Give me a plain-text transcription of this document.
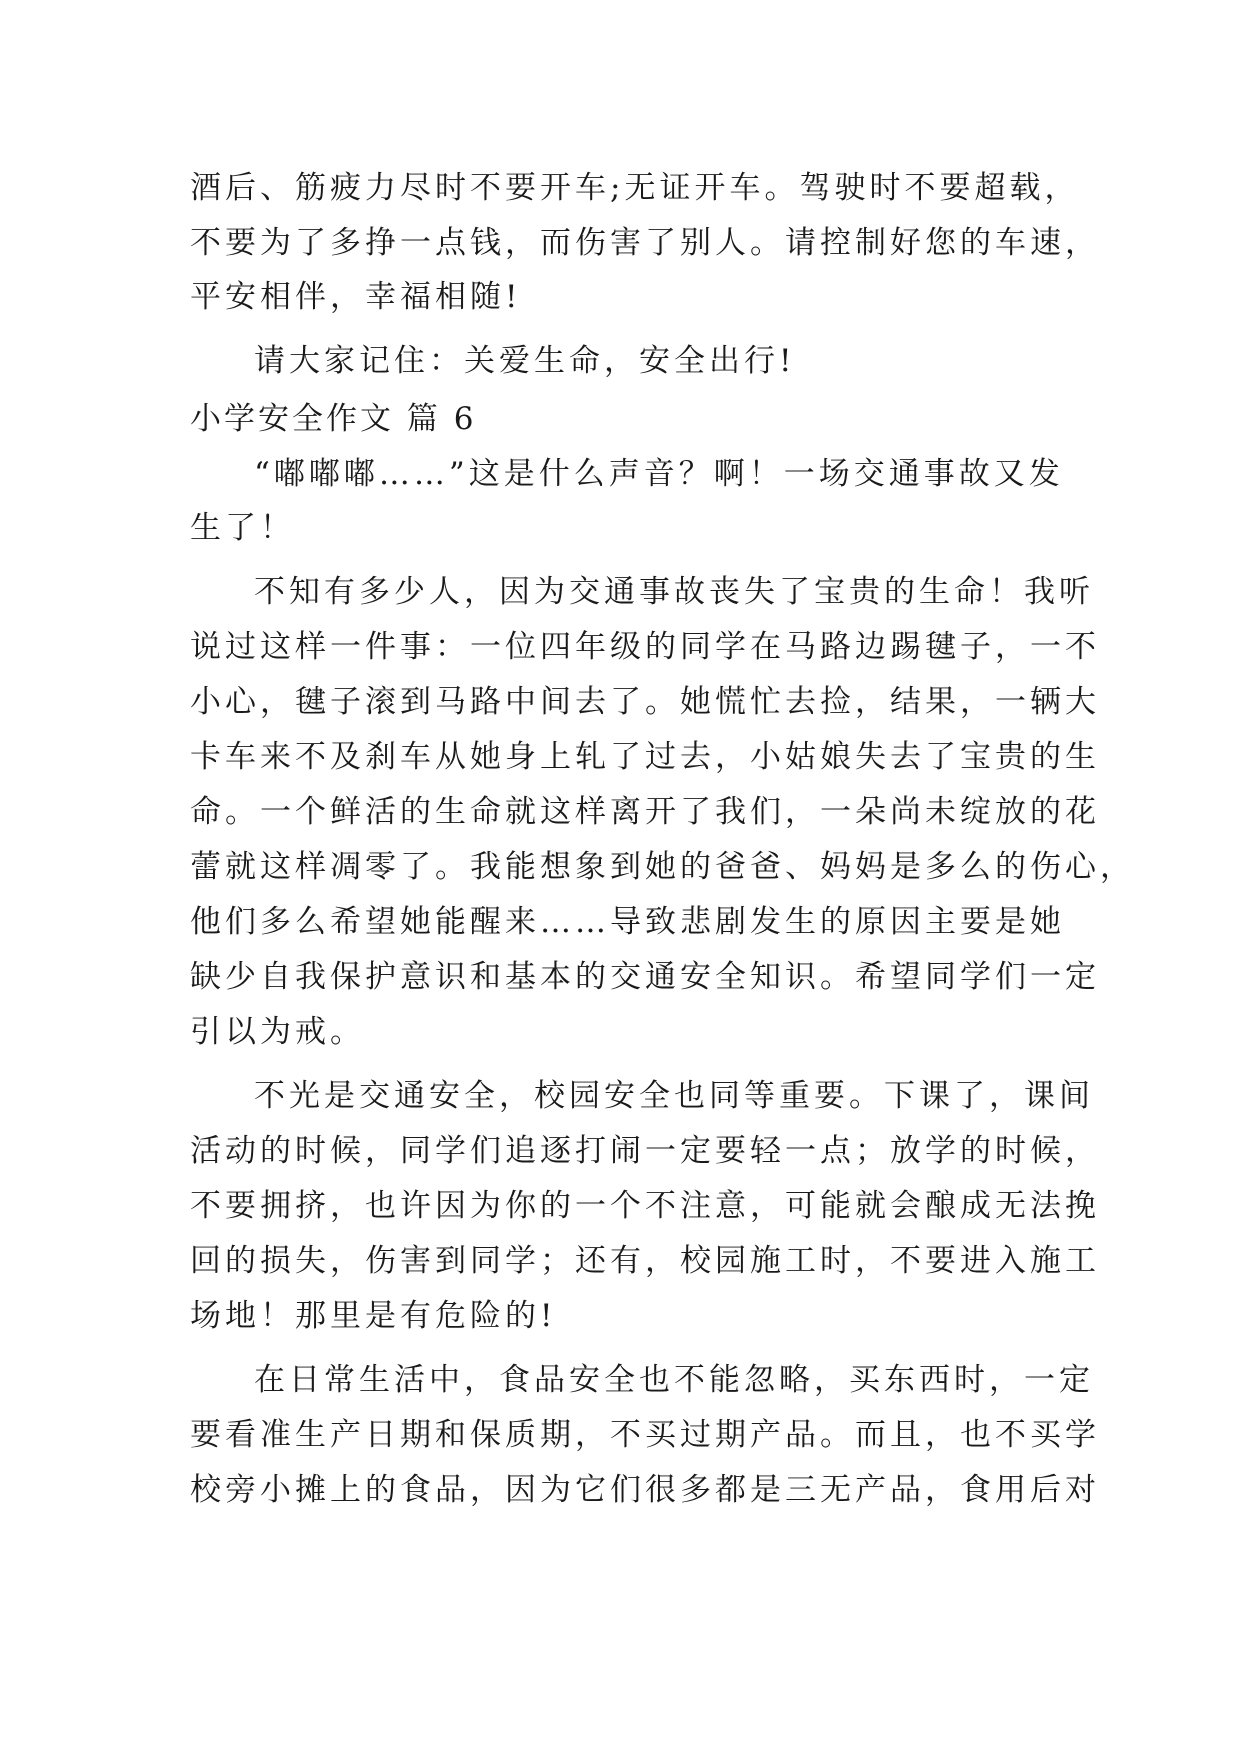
酒后、筋疲力尽时不要开车;无证开车。驾驶时不要超载，
不要为了多挣一点钱，而伤害了别人。请控制好您的车速，
平安相伴，幸福相随!
请大家记住：关爱生命，安全出行!
小学安全作文 篇 6
“嘟嘟嘟……”这是什么声音？啊！一场交通事故又发
生了！
不知有多少人，因为交通事故丧失了宝贵的生命！我听
说过这样一件事：一位四年级的同学在马路边踢毽子，一不
小心，毽子滚到马路中间去了。她慌忙去捡，结果，一辆大
卡车来不及刹车从她身上轧了过去，小姑娘失去了宝贵的生
命。一个鲜活的生命就这样离开了我们，一朵尚未绽放的花
蕾就这样凋零了。我能想象到她的爸爸、妈妈是多么的伤心，
他们多么希望她能醒来……导致悲剧发生的原因主要是她
缺少自我保护意识和基本的交通安全知识。希望同学们一定
引以为戒。
不光是交通安全，校园安全也同等重要。下课了，课间
活动的时候，同学们追逐打闹一定要轻一点；放学的时候，
不要拥挤，也许因为你的一个不注意，可能就会酿成无法挽
回的损失，伤害到同学；还有，校园施工时，不要进入施工
场地！那里是有危险的!
在日常生活中，食品安全也不能忽略，买东西时，一定
要看准生产日期和保质期，不买过期产品。而且，也不买学
校旁小摊上的食品，因为它们很多都是三无产品，食用后对
